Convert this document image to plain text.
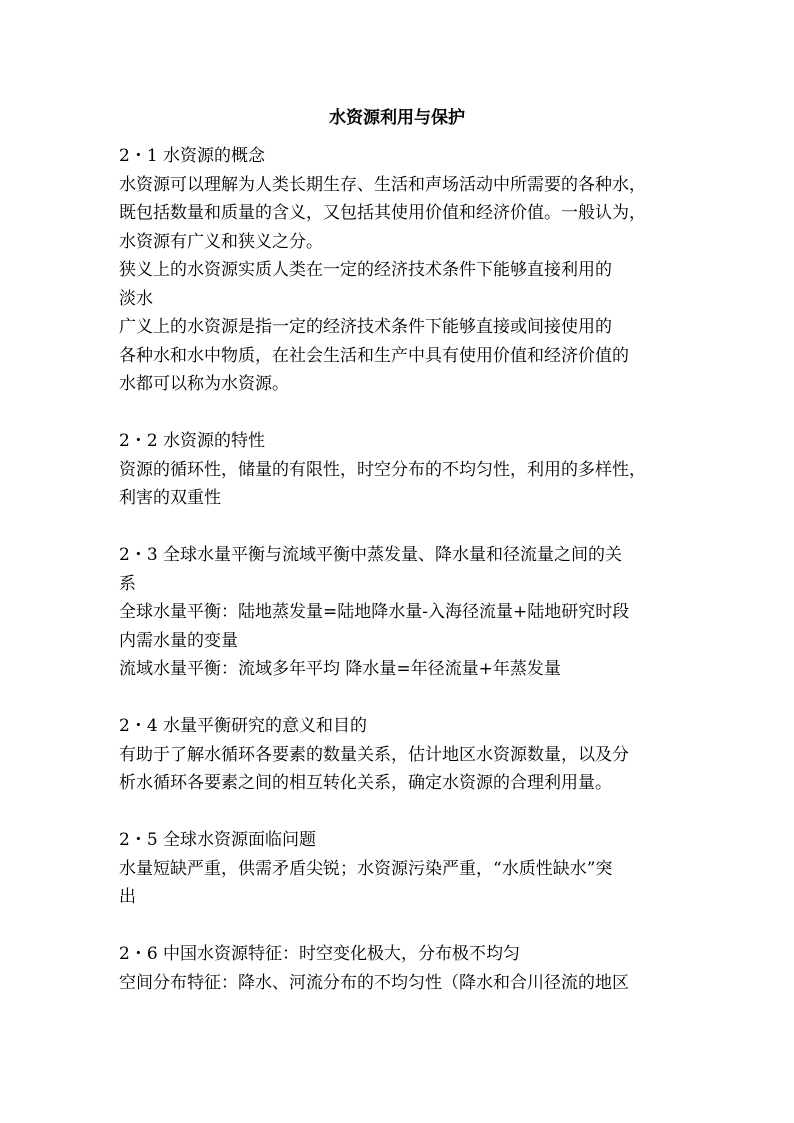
水资源利用与保护
2・1 水资源的概念
水资源可以理解为人类长期生存、生活和声场活动中所需要的各种水，
既包括数量和质量的含义，又包括其使用价值和经济价值。一般认为，
水资源有广义和狭义之分。
狭义上的水资源实质人类在一定的经济技术条件下能够直接利用的
淡水
广义上的水资源是指一定的经济技术条件下能够直接或间接使用的
各种水和水中物质，在社会生活和生产中具有使用价值和经济价值的
水都可以称为水资源。
2・2 水资源的特性
资源的循环性，储量的有限性，时空分布的不均匀性，利用的多样性，
利害的双重性
2・3 全球水量平衡与流域平衡中蒸发量、降水量和径流量之间的关
系
全球水量平衡：陆地蒸发量=陆地降水量-入海径流量+陆地研究时段
内需水量的变量
流域水量平衡：流域多年平均 降水量=年径流量+年蒸发量
2・4 水量平衡研究的意义和目的
有助于了解水循环各要素的数量关系，估计地区水资源数量，以及分
析水循环各要素之间的相互转化关系，确定水资源的合理利用量。
2・5 全球水资源面临问题
水量短缺严重，供需矛盾尖锐；水资源污染严重，“水质性缺水”突
出
2・6 中国水资源特征：时空变化极大，分布极不均匀
空间分布特征：降水、河流分布的不均匀性（降水和合川径流的地区
